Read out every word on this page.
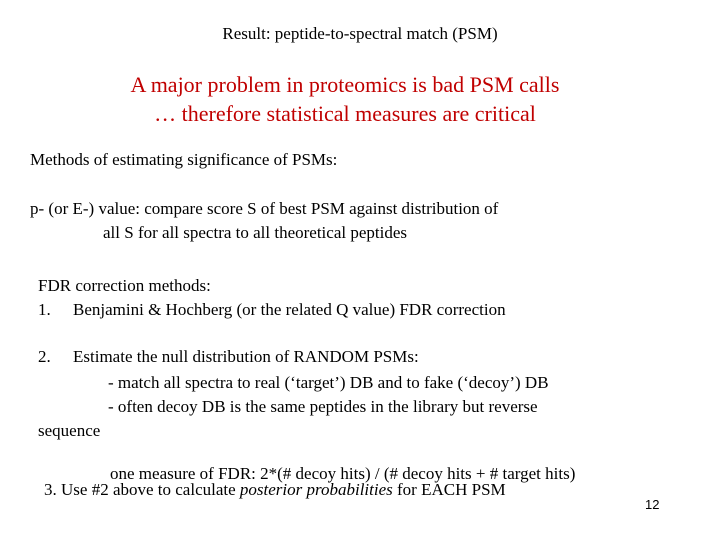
Result: peptide-to-spectral match (PSM)
A major problem in proteomics is bad PSM calls
… therefore statistical measures are critical
Methods of estimating significance of PSMs:
p- (or E-) value: compare score S of best PSM against distribution of
all S for all spectra to all theoretical peptides
FDR correction methods:
1. Benjamini & Hochberg (or the related Q value) FDR correction
2. Estimate the null distribution of RANDOM PSMs:
- match all spectra to real (‘target’) DB and to fake (‘decoy’) DB
- often decoy DB is the same peptides in the library but reverse
sequence
one measure of FDR: 2*(# decoy hits) / (# decoy hits + # target hits)
3. Use #2 above to calculate posterior probabilities for EACH PSM
12
